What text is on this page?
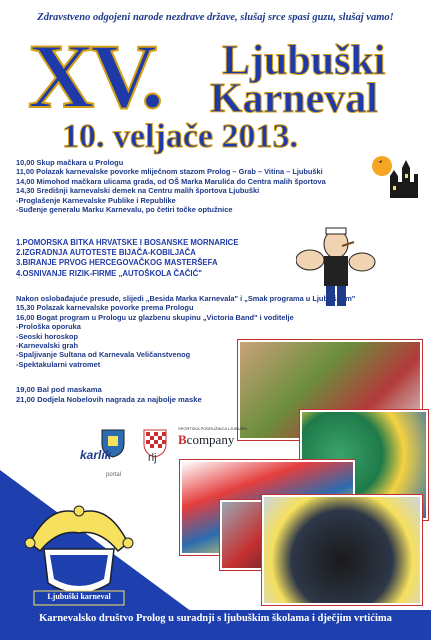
Zdravstveno odgojeni narode nezdrave države, slušaj srce spasi guzu, slušaj vamo!
XV. Ljubuški
Karneval
10. veljače 2013.
10,00 Skup mačkara u Prologu
11,00 Polazak karnevalske povorke mliječnom stazom Prolog – Grab – Vitina – Ljubuški
14,00 Mimohod mačkara ulicama grada, od OŠ Marka Marulića do Centra malih športova
14,30 Središnji karnevalski demek na Centru malih športova Ljubuški
-Proglašenje Karnevalske Publike i Republike
-Suđenje generalu Marku Karnevalu, po četiri točke optužnice
1.POMORSKA BITKA HRVATSKE I BOSANSKE MORNARICE
2.IZGRADNJA AUTOTESTE BIJAČA-KOBILJAČA
3.BIRANJE PRVOG HERCEGOVAČKOG MASTERŠEFA
4.OSNIVANJE RIZIK-FIRME „AUTOŠKOLA ČAČIĆ"
Nakon oslobađajuće presude, slijedi „Besida Marka Karnevala" i „Smak programa u Ljubuškom"
15,30 Polazak karnevalske povorke prema Prologu
16,00 Bogat program u Prologu uz glazbenu skupinu „Victoria Band" i voditelje
-Prološka oporuka
-Seoski horoskop
-Karnevalski grah
-Spaljivanje Sultana od Karnevala Veličanstvenog
-Spektakularni vatromet
19,00 Bal pod maskama
21,00 Dodjela Nobelovih nagrada za najbolje maske
SPORTSKA PODRUŽNICA LJUBUŠKI
Bcompany
karlik	rlj
portal
Ljubuški karneval
Karnevalsko društvo Prolog u suradnji s ljubuškim školama i dječjim vrtićima
